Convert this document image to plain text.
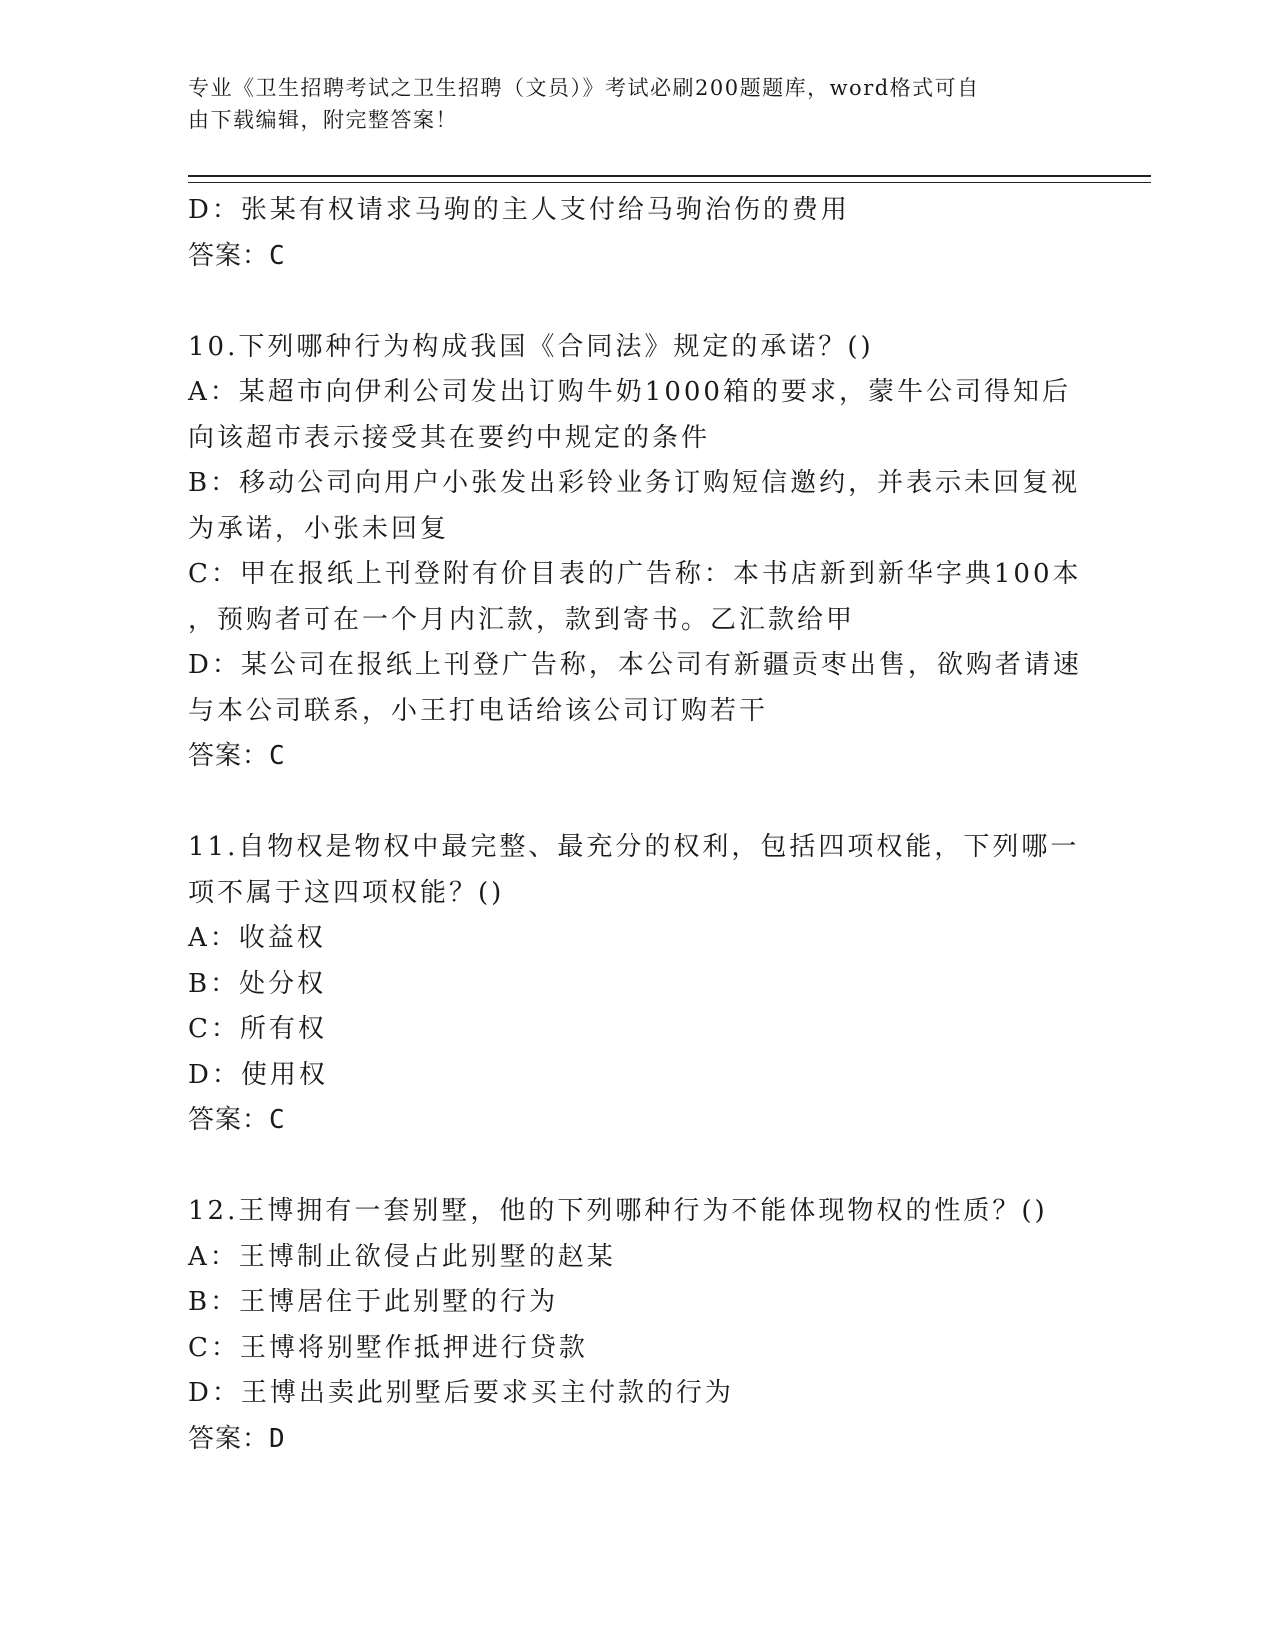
专业《卫生招聘考试之卫生招聘（文员）》考试必刷200题题库，word格式可自
由下载编辑，附完整答案！
D：张某有权请求马驹的主人支付给马驹治伤的费用
答案：C
10.下列哪种行为构成我国《合同法》规定的承诺？()
A：某超市向伊利公司发出订购牛奶1000箱的要求，蒙牛公司得知后
向该超市表示接受其在要约中规定的条件
B：移动公司向用户小张发出彩铃业务订购短信邀约，并表示未回复视
为承诺，小张未回复
C：甲在报纸上刊登附有价目表的广告称：本书店新到新华字典100本
，预购者可在一个月内汇款，款到寄书。乙汇款给甲
D：某公司在报纸上刊登广告称，本公司有新疆贡枣出售，欲购者请速
与本公司联系，小王打电话给该公司订购若干
答案：C
11.自物权是物权中最完整、最充分的权利，包括四项权能，下列哪一
项不属于这四项权能？()
A：收益权
B：处分权
C：所有权
D：使用权
答案：C
12.王博拥有一套别墅，他的下列哪种行为不能体现物权的性质？()
A：王博制止欲侵占此别墅的赵某
B：王博居住于此别墅的行为
C：王博将别墅作抵押进行贷款
D：王博出卖此别墅后要求买主付款的行为
答案：D
